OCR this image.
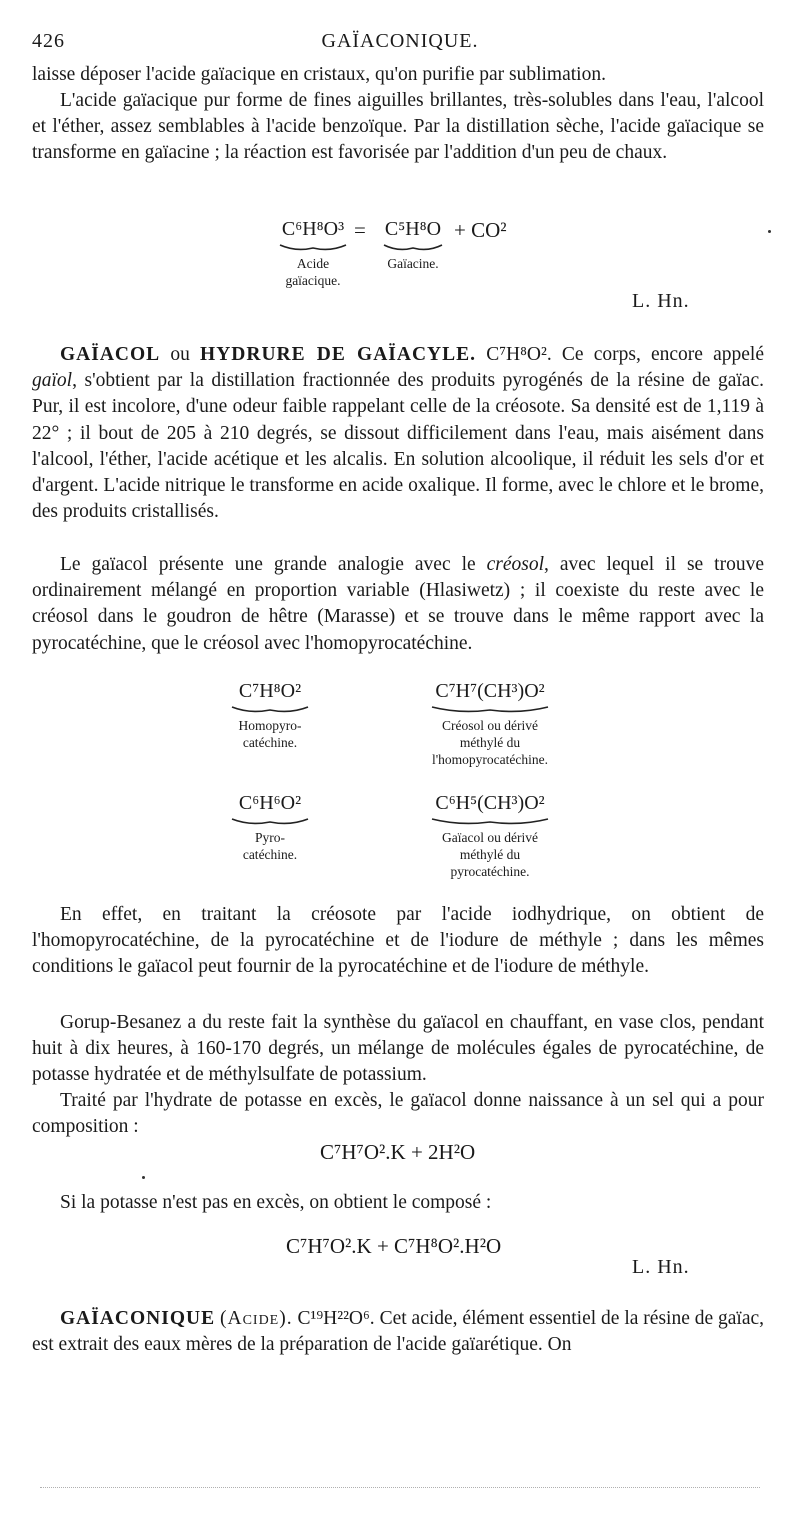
426	GAÏACONIQUE.

laisse déposer l'acide gaïacique en cristaux, qu'on purifie par sublimation.

L'acide gaïacique pur forme de fines aiguilles brillantes, très-solubles dans l'eau, l'alcool et l'éther, assez semblables à l'acide benzoïque. Par la distillation sèche, l'acide gaïacique se transforme en gaïacine ; la réaction est favorisée par l'addition d'un peu de chaux.

C⁶H⁸O³
Acide gaïacique.
= C⁵H⁸O
Gaïacine.
+ CO²
L. Hn.

GAÏACOL ou HYDRURE DE GAÏACYLE. C⁷H⁸O². Ce corps, encore appelé gaïol, s'obtient par la distillation fractionnée des produits pyrogénés de la résine de gaïac. Pur, il est incolore, d'une odeur faible rappelant celle de la créosote. Sa densité est de 1,119 à 22° ; il bout de 205 à 210 degrés, se dissout difficilement dans l'eau, mais aisément dans l'alcool, l'éther, l'acide acétique et les alcalis. En solution alcoolique, il réduit les sels d'or et d'argent. L'acide nitrique le transforme en acide oxalique. Il forme, avec le chlore et le brome, des produits cristallisés.

Le gaïacol présente une grande analogie avec le créosol, avec lequel il se trouve ordinairement mélangé en proportion variable (Hlasiwetz) ; il coexiste du reste avec le créosol dans le goudron de hêtre (Marasse) et se trouve dans le même rapport avec la pyrocatéchine, que le créosol avec l'homopyrocatéchine.

C⁷H⁸O²
Homopyro-catéchine.
C⁷H⁷(CH³)O²
Créosol ou dérivé méthylé du l'homopyrocatéchine.
C⁶H⁶O²
Pyro-catéchine.
C⁶H⁵(CH³)O²
Gaïacol ou dérivé méthylé du pyrocatéchine.

En effet, en traitant la créosote par l'acide iodhydrique, on obtient de l'homopyrocatéchine, de la pyrocatéchine et de l'iodure de méthyle ; dans les mêmes conditions le gaïacol peut fournir de la pyrocatéchine et de l'iodure de méthyle.

Gorup-Besanez a du reste fait la synthèse du gaïacol en chauffant, en vase clos, pendant huit à dix heures, à 160-170 degrés, un mélange de molécules égales de pyrocatéchine, de potasse hydratée et de méthylsulfate de potassium.

Traité par l'hydrate de potasse en excès, le gaïacol donne naissance à un sel qui a pour composition :

C⁷H⁷O².K + 2H²O

Si la potasse n'est pas en excès, on obtient le composé :

C⁷H⁷O².K + C⁷H⁸O².H²O
L. Hn.

GAÏACONIQUE (Acide). C¹⁹H²²O⁶. Cet acide, élément essentiel de la résine de gaïac, est extrait des eaux mères de la préparation de l'acide gaïarétique. On
